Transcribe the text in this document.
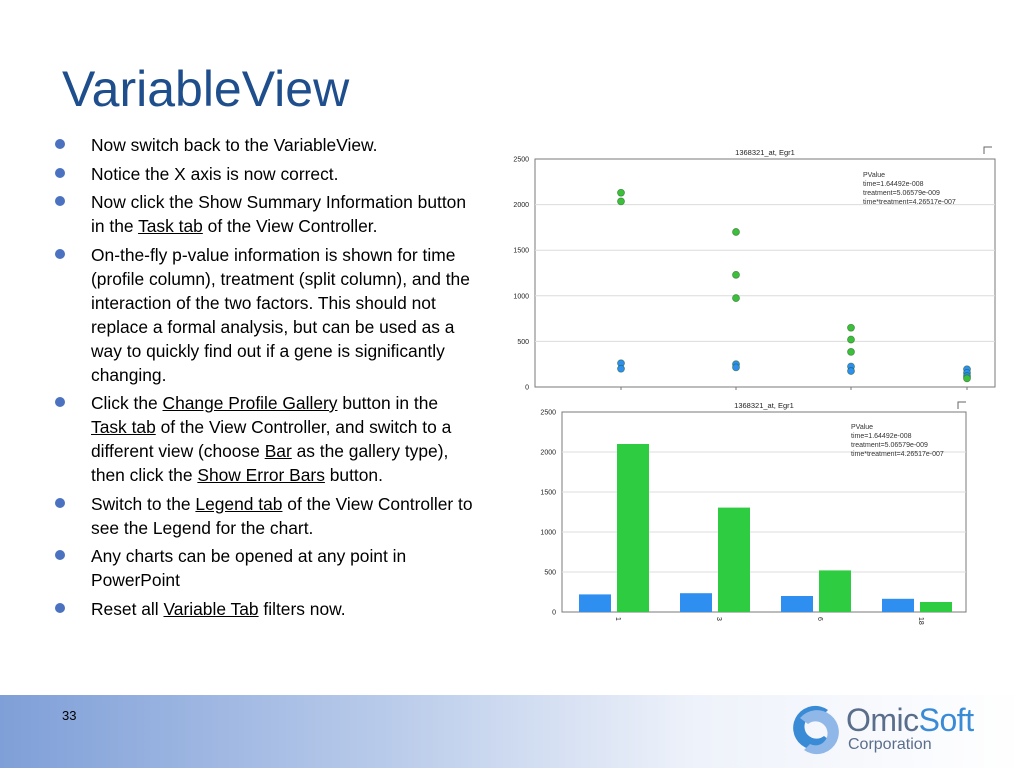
VariableView
Now switch back to the VariableView.
Notice the X axis is now correct.
Now click the Show Summary Information button in the Task tab of the View Controller.
On-the-fly p-value information is shown for time (profile column), treatment (split column), and the interaction of the two factors. This should not replace a formal analysis, but can be used as a way to quickly find out if a gene is significantly changing.
Click the Change Profile Gallery button in the Task tab of the View Controller, and switch to a different view (choose Bar as the gallery type), then click the Show Error Bars button.
Switch to the Legend tab of the View Controller to see the Legend for the chart.
Any charts can be opened at any point in PowerPoint
Reset all Variable Tab filters now.
0
500
1000
1500
2000
2500
1368321_at, Egr1
PValue
time=1.64492e-008
treatment=5.06579e-009
time*treatment=4.26517e-007
0
500
1000
1500
2000
2500
1368321_at, Egr1
PValue
time=1.64492e-008
treatment=5.06579e-009
time*treatment=4.26517e-007
1	3	6	18
33	OmicSoft
Corporation
